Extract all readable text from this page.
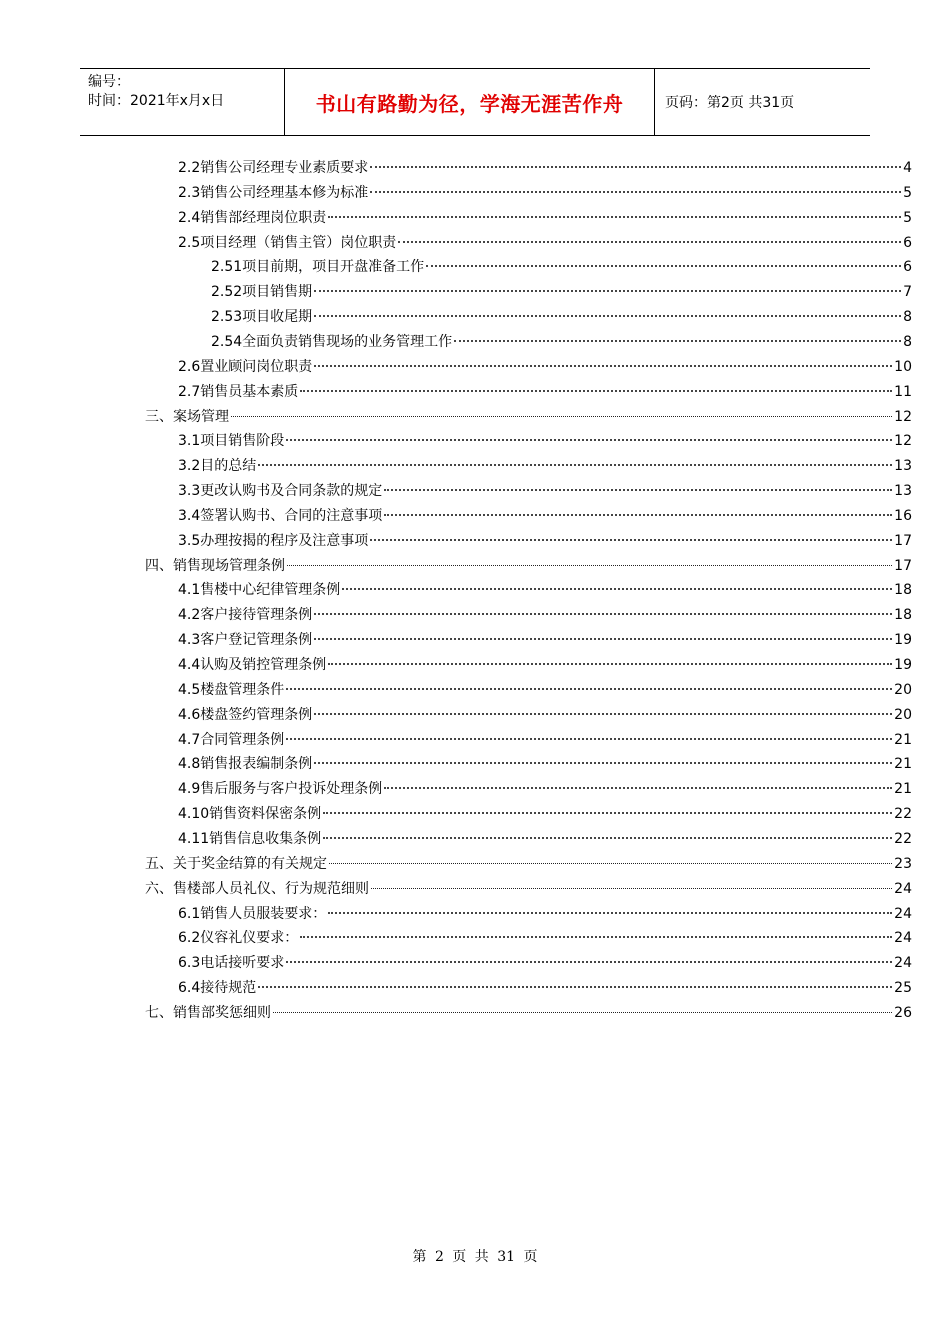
编号：
时间：2021年x月x日	书山有路勤为径，学海无涯苦作舟	页码：第2页 共31页
2.2销售公司经理专业素质要求	4
2.3销售公司经理基本修为标准	5
2.4销售部经理岗位职责	5
2.5项目经理（销售主管）岗位职责	6
2.51项目前期，项目开盘准备工作	6
2.52项目销售期	7
2.53项目收尾期	8
2.54全面负责销售现场的业务管理工作	8
2.6置业顾问岗位职责	10
2.7销售员基本素质	11
三、案场管理	12
3.1项目销售阶段	12
3.2目的总结	13
3.3更改认购书及合同条款的规定	13
3.4签署认购书、合同的注意事项	16
3.5办理按揭的程序及注意事项	17
四、销售现场管理条例	17
4.1售楼中心纪律管理条例	18
4.2客户接待管理条例	18
4.3客户登记管理条例	19
4.4认购及销控管理条例	19
4.5楼盘管理条件	20
4.6楼盘签约管理条例	20
4.7合同管理条例	21
4.8销售报表编制条例	21
4.9售后服务与客户投诉处理条例	21
4.10销售资料保密条例	22
4.11销售信息收集条例	22
五、关于奖金结算的有关规定	23
六、售楼部人员礼仪、行为规范细则	24
6.1销售人员服装要求：	24
6.2仪容礼仪要求：	24
6.3电话接听要求	24
6.4接待规范	25
七、销售部奖惩细则	26
第 2 页 共 31 页
